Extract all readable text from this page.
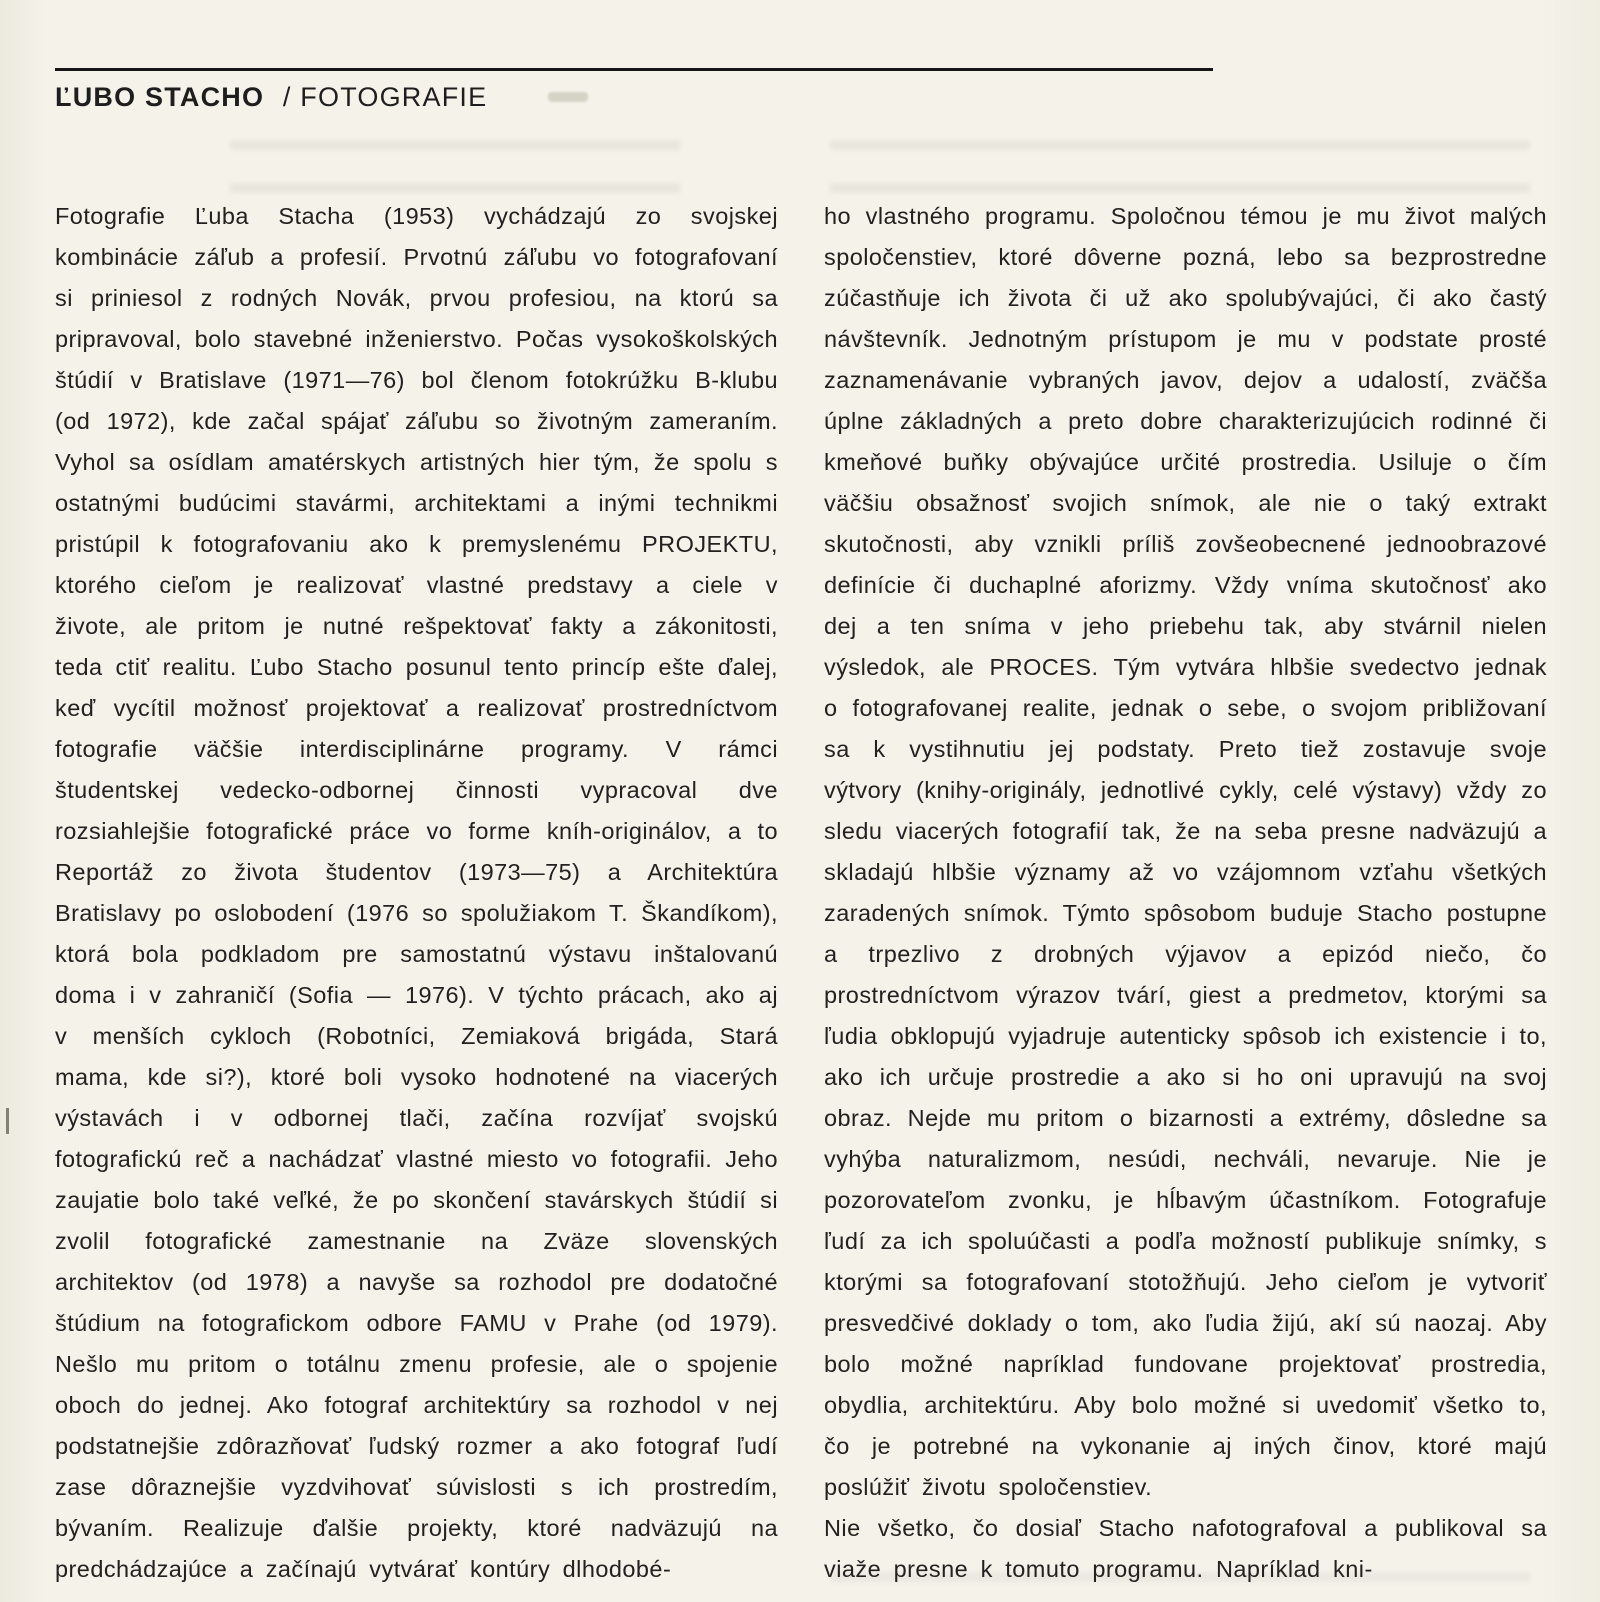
ĽUBO STACHO / FOTOGRAFIE

Fotografie Ľuba Stacha (1953) vychádzajú zo svojskej kombinácie záľub a profesií. Prvotnú záľubu vo fotografovaní si priniesol z rodných Novák, prvou profesiou, na ktorú sa pripravoval, bolo stavebné inženierstvo. Počas vysokoškolských štúdií v Bratislave (1971—76) bol členom fotokrúžku B-klubu (od 1972), kde začal spájať záľubu so životným zameraním. Vyhol sa osídlam amatérskych artistných hier tým, že spolu s ostatnými budúcimi stavármi, architektami a inými technikmi pristúpil k fotografovaniu ako k premyslenému PROJEKTU, ktorého cieľom je realizovať vlastné predstavy a ciele v živote, ale pritom je nutné rešpektovať fakty a zákonitosti, teda ctiť realitu. Ľubo Stacho posunul tento princíp ešte ďalej, keď vycítil možnosť projektovať a realizovať prostredníctvom fotografie väčšie interdisciplinárne programy. V rámci študentskej vedecko-odbornej činnosti vypracoval dve rozsiahlejšie fotografické práce vo forme kníh-originálov, a to Reportáž zo života študentov (1973—75) a Architektúra Bratislavy po oslobodení (1976 so spolužiakom T. Škandíkom), ktorá bola podkladom pre samostatnú výstavu inštalovanú doma i v zahraničí (Sofia — 1976). V týchto prácach, ako aj v menších cykloch (Robotníci, Zemiaková brigáda, Stará mama, kde si?), ktoré boli vysoko hodnotené na viacerých výstavách i v odbornej tlači, začína rozvíjať svojskú fotografickú reč a nachádzať vlastné miesto vo fotografii. Jeho zaujatie bolo také veľké, že po skončení stavárskych štúdií si zvolil fotografické zamestnanie na Zväze slovenských architektov (od 1978) a navyše sa rozhodol pre dodatočné štúdium na fotografickom odbore FAMU v Prahe (od 1979). Nešlo mu pritom o totálnu zmenu profesie, ale o spojenie oboch do jednej. Ako fotograf architektúry sa rozhodol v nej podstatnejšie zdôrazňovať ľudský rozmer a ako fotograf ľudí zase dôraznejšie vyzdvihovať súvislosti s ich prostredím, bývaním. Realizuje ďalšie projekty, ktoré nadväzujú na predchádzajúce a začínajú vytvárať kontúry dlhodobé-

ho vlastného programu. Spoločnou témou je mu život malých spoločenstiev, ktoré dôverne pozná, lebo sa bezprostredne zúčastňuje ich života či už ako spolubývajúci, či ako častý návštevník. Jednotným prístupom je mu v podstate prosté zaznamenávanie vybraných javov, dejov a udalostí, zväčša úplne základných a preto dobre charakterizujúcich rodinné či kmeňové buňky obývajúce určité prostredia. Usiluje o čím väčšiu obsažnosť svojich snímok, ale nie o taký extrakt skutočnosti, aby vznikli príliš zovšeobecnené jednoobrazové definície či duchaplné aforizmy. Vždy vníma skutočnosť ako dej a ten sníma v jeho priebehu tak, aby stvárnil nielen výsledok, ale PROCES. Tým vytvára hlbšie svedectvo jednak o fotografovanej realite, jednak o sebe, o svojom približovaní sa k vystihnutiu jej podstaty. Preto tiež zostavuje svoje výtvory (knihy-originály, jednotlivé cykly, celé výstavy) vždy zo sledu viacerých fotografií tak, že na seba presne nadväzujú a skladajú hlbšie významy až vo vzájomnom vzťahu všetkých zaradených snímok. Týmto spôsobom buduje Stacho postupne a trpezlivo z drobných výjavov a epizód niečo, čo prostredníctvom výrazov tvárí, giest a predmetov, ktorými sa ľudia obklopujú vyjadruje autenticky spôsob ich existencie i to, ako ich určuje prostredie a ako si ho oni upravujú na svoj obraz. Nejde mu pritom o bizarnosti a extrémy, dôsledne sa vyhýba naturalizmom, nesúdi, nechváli, nevaruje. Nie je pozorovateľom zvonku, je hĺbavým účastníkom. Fotografuje ľudí za ich spoluúčasti a podľa možností publikuje snímky, s ktorými sa fotografovaní stotožňujú. Jeho cieľom je vytvoriť presvedčivé doklady o tom, ako ľudia žijú, akí sú naozaj. Aby bolo možné napríklad fundovane projektovať prostredia, obydlia, architektúru. Aby bolo možné si uvedomiť všetko to, čo je potrebné na vykonanie aj iných činov, ktoré majú poslúžiť životu spoločenstiev.

Nie všetko, čo dosiaľ Stacho nafotografoval a publikoval sa viaže presne k tomuto programu. Napríklad kni-
